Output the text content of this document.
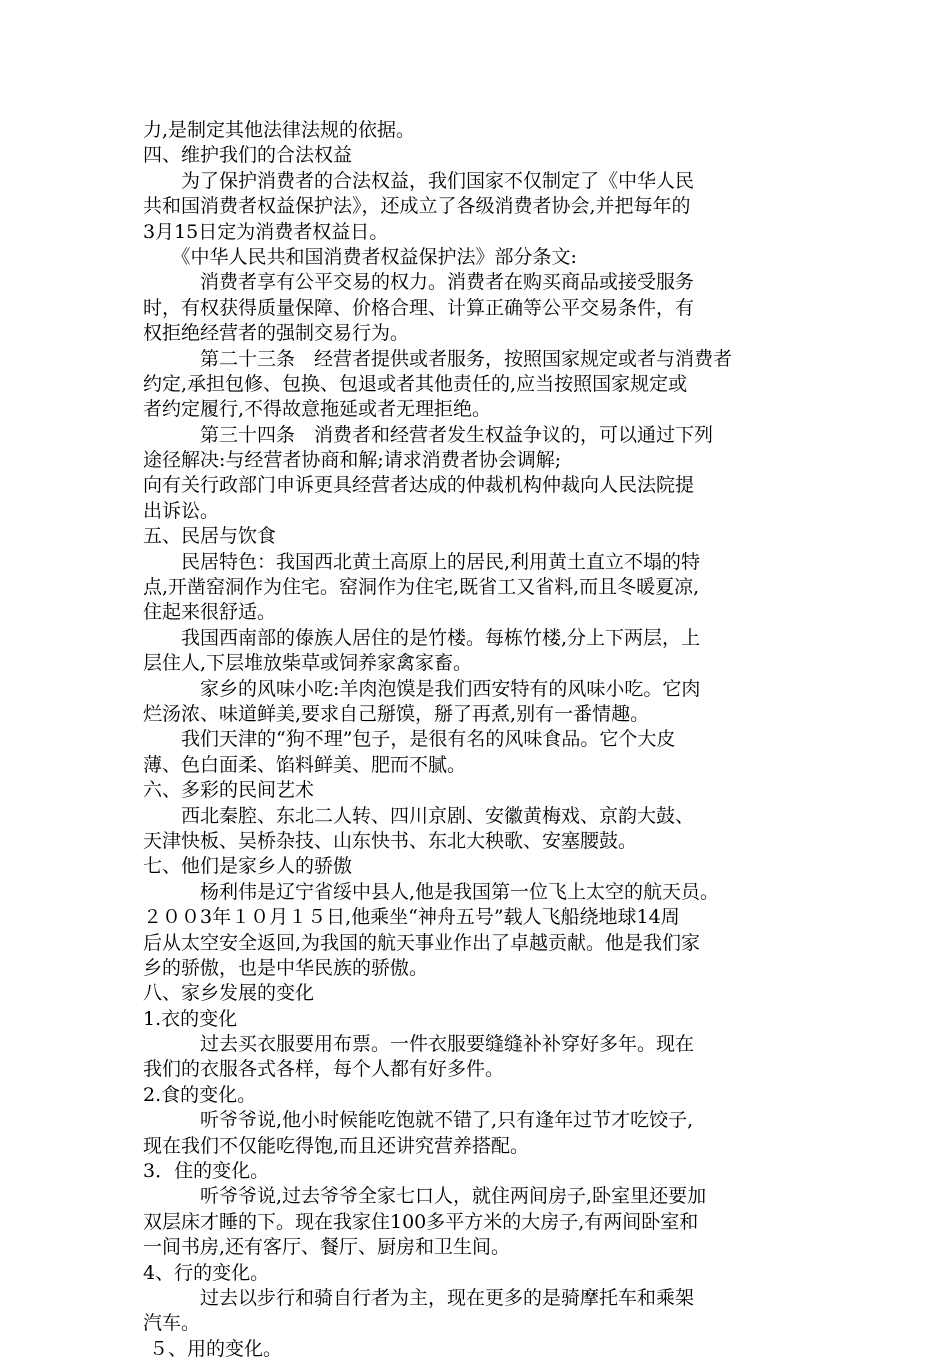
力,是制定其他法律法规的依据。
四、维护我们的合法权益
　　为了保护消费者的合法权益，我们国家不仅制定了《中华人民
共和国消费者权益保护法》，还成立了各级消费者协会,并把每年的
3月15日定为消费者权益日。
　　《中华人民共和国消费者权益保护法》部分条文:
　　　消费者享有公平交易的权力。消费者在购买商品或接受服务
时，有权获得质量保障、价格合理、计算正确等公平交易条件，有
权拒绝经营者的强制交易行为。
　　　第二十三条　经营者提供或者服务，按照国家规定或者与消费者
约定,承担包修、包换、包退或者其他责任的,应当按照国家规定或
者约定履行,不得故意拖延或者无理拒绝。
　　　第三十四条　消费者和经营者发生权益争议的，可以通过下列
途径解决:与经营者协商和解;请求消费者协会调解;
向有关行政部门申诉更具经营者达成的仲裁机构仲裁向人民法院提
出诉讼。
五、民居与饮食
　　民居特色：我国西北黄土高原上的居民,利用黄土直立不塌的特
点,开凿窑洞作为住宅。窑洞作为住宅,既省工又省料,而且冬暖夏凉,
住起来很舒适。
　　我国西南部的傣族人居住的是竹楼。每栋竹楼,分上下两层，上
层住人,下层堆放柴草或饲养家禽家畜。
　　　家乡的风味小吃:羊肉泡馍是我们西安特有的风味小吃。它肉
烂汤浓、味道鲜美,要求自己掰馍，掰了再煮,别有一番情趣。
　　我们天津的“狗不理”包子，是很有名的风味食品。它个大皮
薄、色白面柔、馅料鲜美、肥而不腻。
六、多彩的民间艺术
　　西北秦腔、东北二人转、四川京剧、安徽黄梅戏、京韵大鼓、
天津快板、吴桥杂技、山东快书、东北大秧歌、安塞腰鼓。
七、他们是家乡人的骄傲
　　　杨利伟是辽宁省绥中县人,他是我国第一位飞上太空的航天员。
２００3年１０月１５日,他乘坐“神舟五号”载人飞船绕地球14周
后从太空安全返回,为我国的航天事业作出了卓越贡献。他是我们家
乡的骄傲，也是中华民族的骄傲。
八、家乡发展的变化
1.衣的变化
　　　过去买衣服要用布票。一件衣服要缝缝补补穿好多年。现在
我们的衣服各式各样，每个人都有好多件。
2.食的变化。
　　　听爷爷说,他小时候能吃饱就不错了,只有逢年过节才吃饺子,
现在我们不仅能吃得饱,而且还讲究营养搭配。
3．住的变化。
　　　听爷爷说,过去爷爷全家七口人，就住两间房子,卧室里还要加
双层床才睡的下。现在我家住100多平方米的大房子,有两间卧室和
一间书房,还有客厅、餐厅、厨房和卫生间。
4、行的变化。
　　　过去以步行和骑自行者为主，现在更多的是骑摩托车和乘架
汽车。
５、用的变化。
